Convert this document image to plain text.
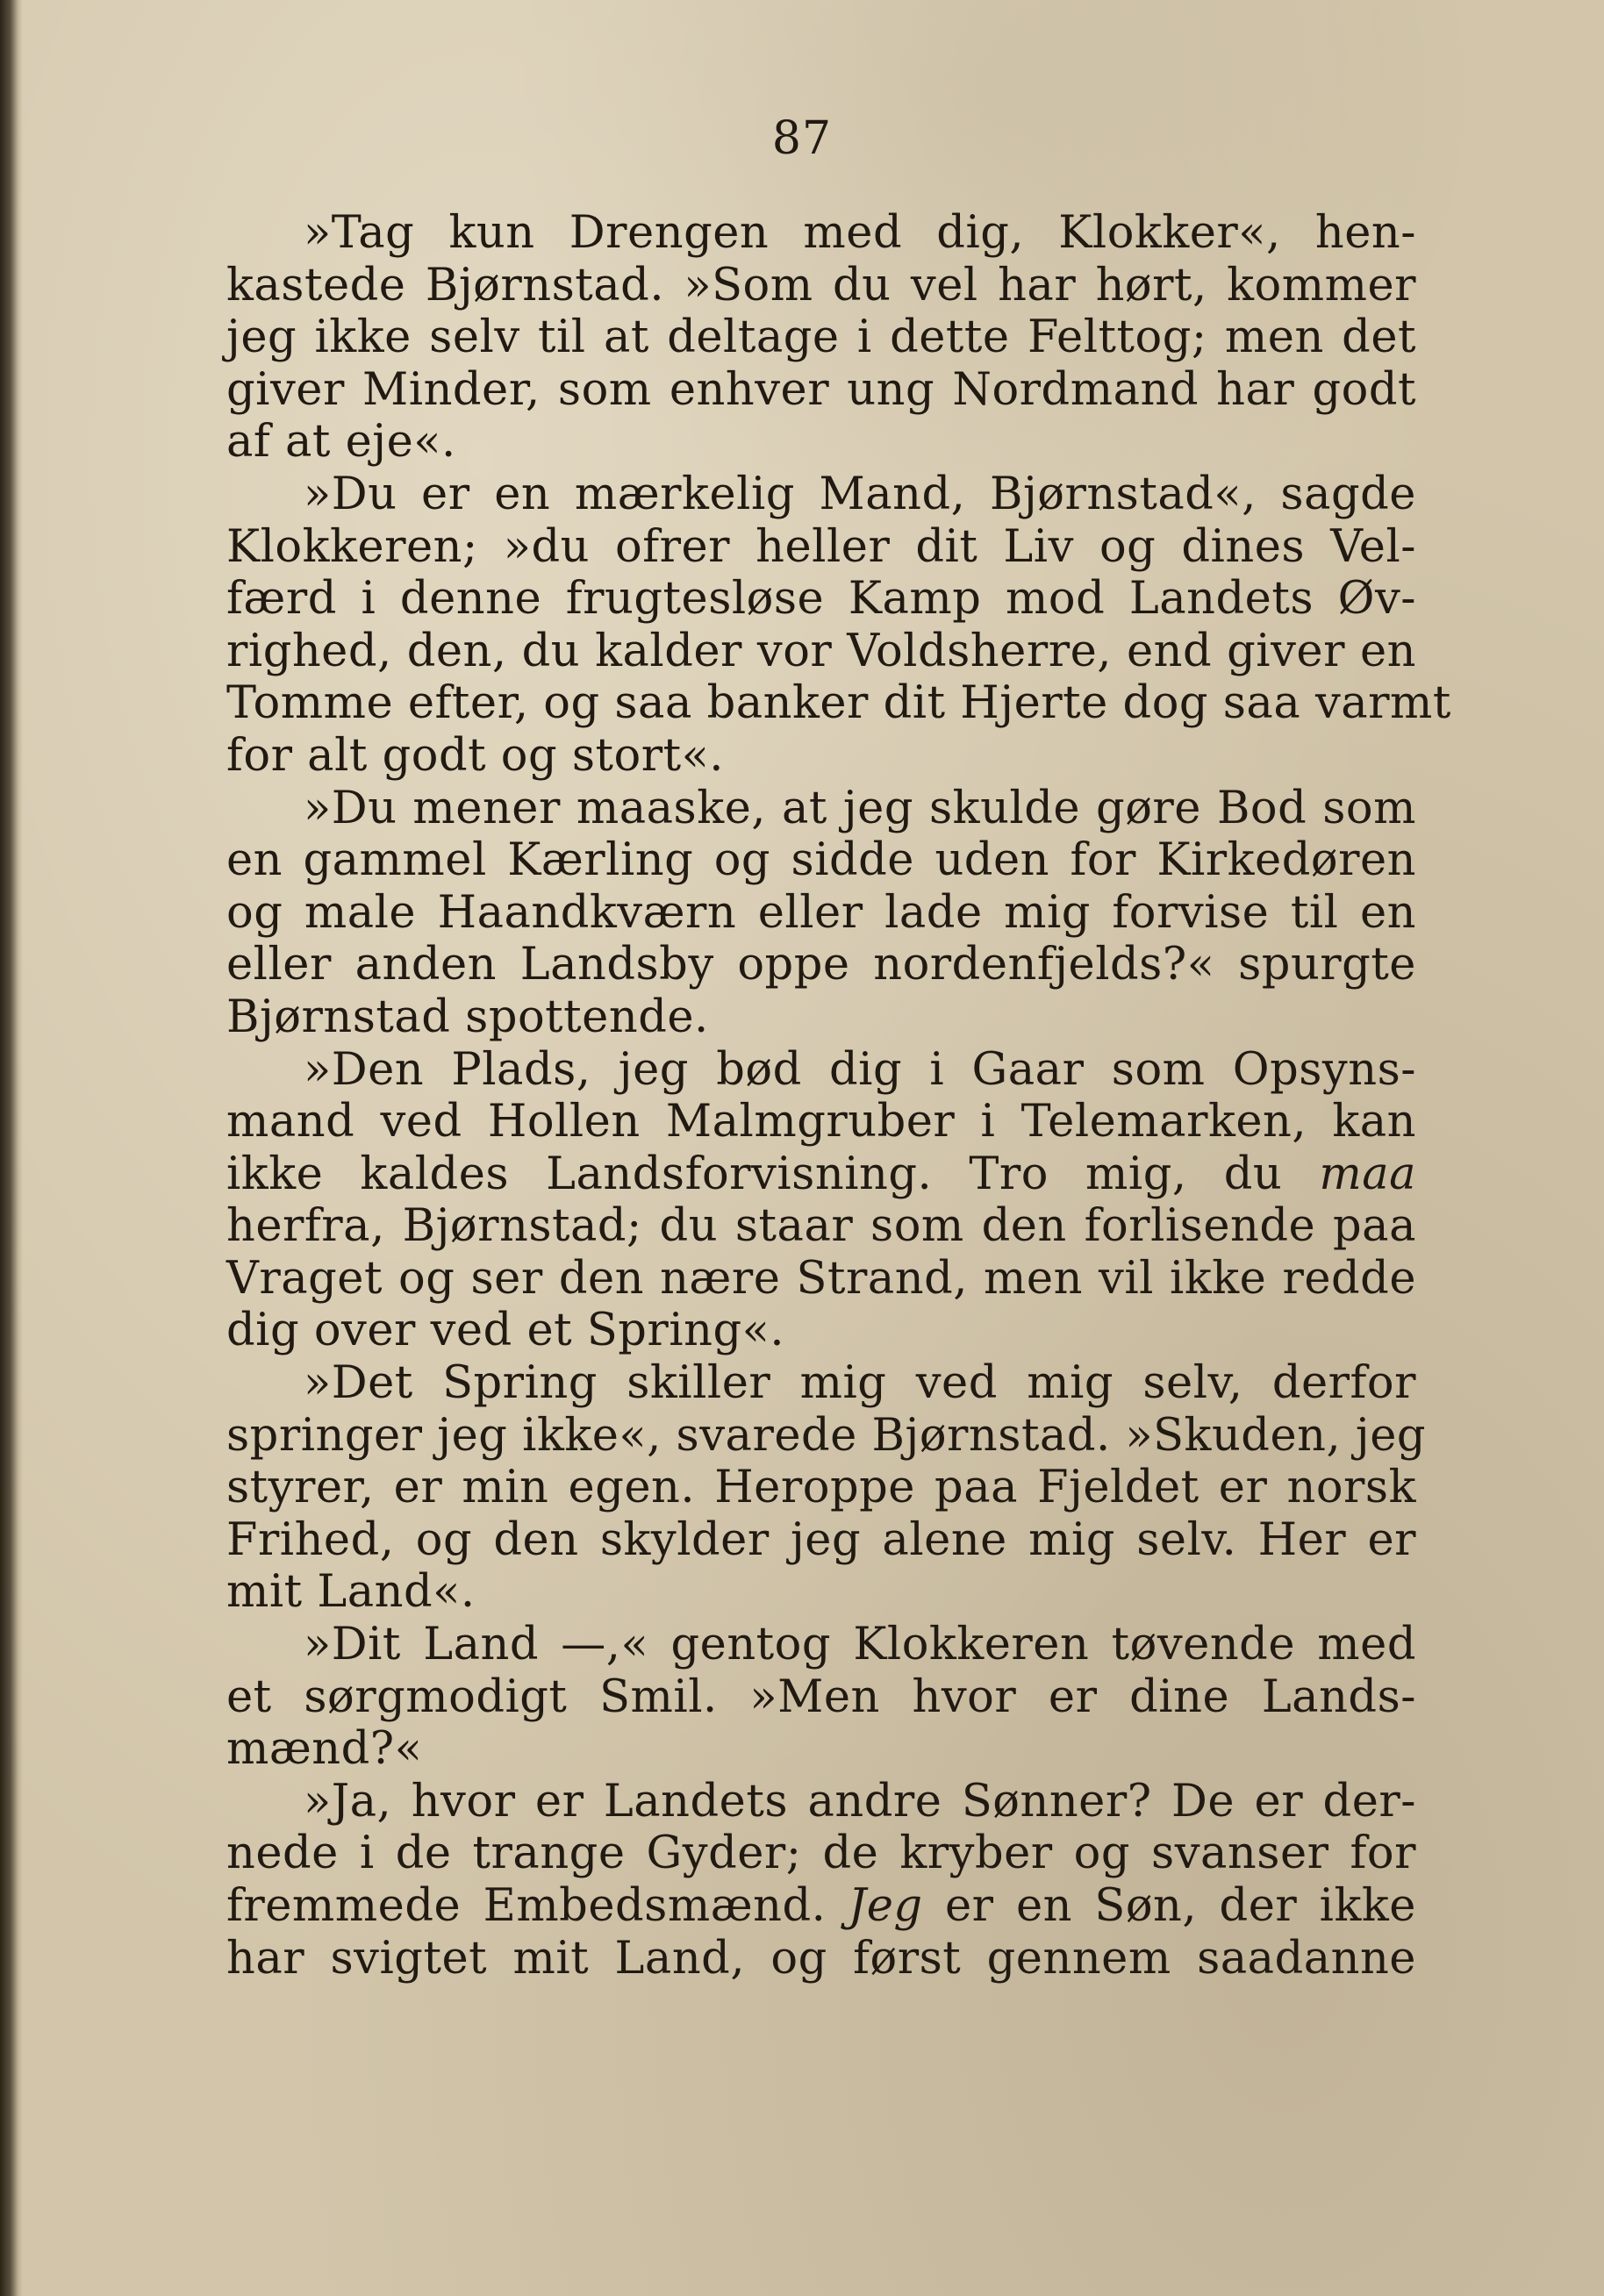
87
»Tag kun Drengen med dig, Klokker«, hen-
kastede Bjørnstad. »Som du vel har hørt, kommer
jeg ikke selv til at deltage i dette Felttog; men det
giver Minder, som enhver ung Nordmand har godt
af at eje«.
»Du er en mærkelig Mand, Bjørnstad«, sagde
Klokkeren; »du ofrer heller dit Liv og dines Vel-
færd i denne frugtesløse Kamp mod Landets Øv-
righed, den, du kalder vor Voldsherre, end giver en
Tomme efter, og saa banker dit Hjerte dog saa varmt
for alt godt og stort«.
»Du mener maaske, at jeg skulde gøre Bod som
en gammel Kærling og sidde uden for Kirkedøren
og male Haandkværn eller lade mig forvise til en
eller anden Landsby oppe nordenfjelds?« spurgte
Bjørnstad spottende.
»Den Plads, jeg bød dig i Gaar som Opsyns-
mand ved Hollen Malmgruber i Telemarken, kan
ikke kaldes Landsforvisning. Tro mig, du maa
herfra, Bjørnstad; du staar som den forlisende paa
Vraget og ser den nære Strand, men vil ikke redde
dig over ved et Spring«.
»Det Spring skiller mig ved mig selv, derfor
springer jeg ikke«, svarede Bjørnstad. »Skuden, jeg
styrer, er min egen. Heroppe paa Fjeldet er norsk
Frihed, og den skylder jeg alene mig selv. Her er
mit Land«.
»Dit Land —,« gentog Klokkeren tøvende med
et sørgmodigt Smil. »Men hvor er dine Lands-
mænd?«
»Ja, hvor er Landets andre Sønner? De er der-
nede i de trange Gyder; de kryber og svanser for
fremmede Embedsmænd. Jeg er en Søn, der ikke
har svigtet mit Land, og først gennem saadanne
